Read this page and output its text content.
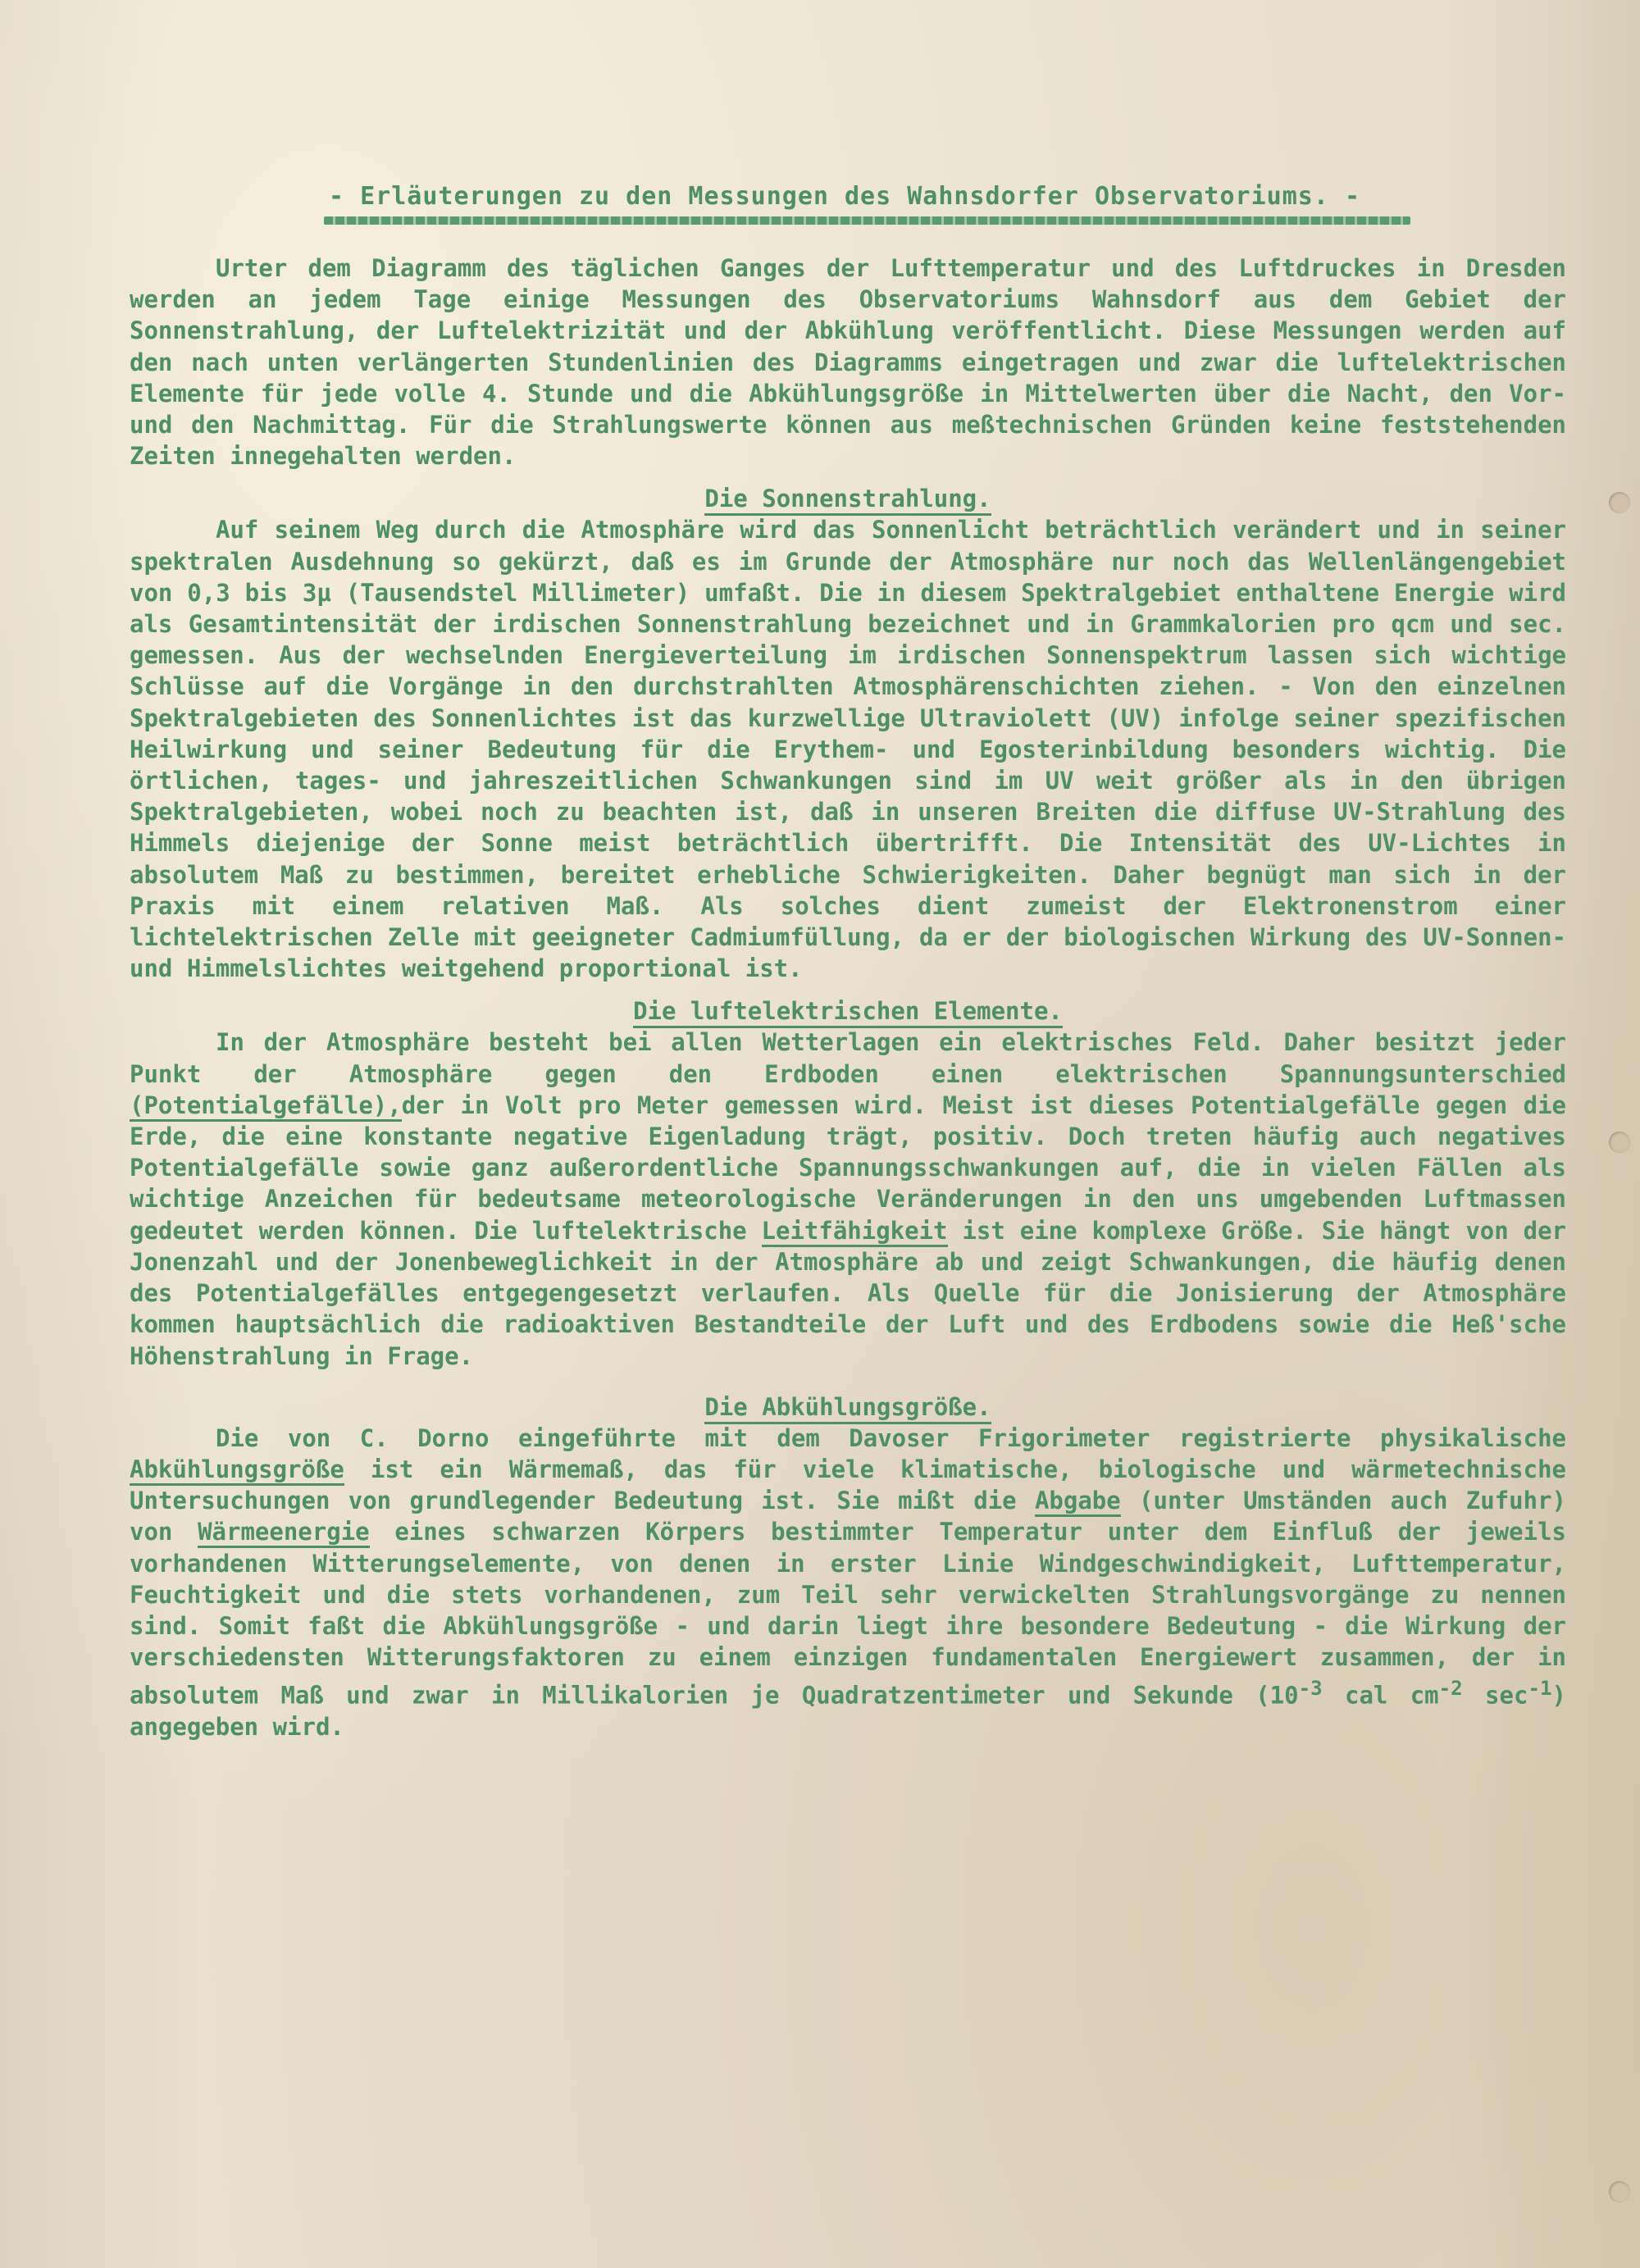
- Erläuterungen zu den Messungen des Wahnsdorfer Observatoriums. -

Urter dem Diagramm des täglichen Ganges der Lufttemperatur und des Luftdruckes in Dresden werden an jedem Tage einige Messungen des Observatoriums Wahnsdorf aus dem Gebiet der Sonnenstrahlung, der Luftelektrizität und der Abkühlung veröffentlicht. Diese Messungen werden auf den nach unten verlängerten Stundenlinien des Diagramms eingetragen und zwar die luftelektrischen Elemente für jede volle 4. Stunde und die Abkühlungsgröße in Mittelwerten über die Nacht, den Vor- und den Nachmittag. Für die Strahlungswerte können aus meßtechnischen Gründen keine feststehenden Zeiten innegehalten werden.

Die Sonnenstrahlung.

Auf seinem Weg durch die Atmosphäre wird das Sonnenlicht beträchtlich verändert und in seiner spektralen Ausdehnung so gekürzt, daß es im Grunde der Atmosphäre nur noch das Wellenlängengebiet von 0,3 bis 3μ (Tausendstel Millimeter) umfaßt. Die in diesem Spektralgebiet enthaltene Energie wird als Gesamtintensität der irdischen Sonnenstrahlung bezeichnet und in Grammkalorien pro qcm und sec. gemessen. Aus der wechselnden Energieverteilung im irdischen Sonnenspektrum lassen sich wichtige Schlüsse auf die Vorgänge in den durchstrahlten Atmosphärenschichten ziehen. - Von den einzelnen Spektralgebieten des Sonnenlichtes ist das kurzwellige Ultraviolett (UV) infolge seiner spezifischen Heilwirkung und seiner Bedeutung für die Erythem- und Egosterinbildung besonders wichtig. Die örtlichen, tages- und jahreszeitlichen Schwankungen sind im UV weit größer als in den übrigen Spektralgebieten, wobei noch zu beachten ist, daß in unseren Breiten die diffuse UV-Strahlung des Himmels diejenige der Sonne meist beträchtlich übertrifft. Die Intensität des UV-Lichtes in absolutem Maß zu bestimmen, bereitet erhebliche Schwierigkeiten. Daher begnügt man sich in der Praxis mit einem relativen Maß. Als solches dient zumeist der Elektronenstrom einer lichtelektrischen Zelle mit geeigneter Cadmiumfüllung, da er der biologischen Wirkung des UV-Sonnen- und Himmelslichtes weitgehend proportional ist.

Die luftelektrischen Elemente.

In der Atmosphäre besteht bei allen Wetterlagen ein elektrisches Feld. Daher besitzt jeder Punkt der Atmosphäre gegen den Erdboden einen elektrischen Spannungsunterschied (Potentialgefälle),der in Volt pro Meter gemessen wird. Meist ist dieses Potentialgefälle gegen die Erde, die eine konstante negative Eigenladung trägt, positiv. Doch treten häufig auch negatives Potentialgefälle sowie ganz außerordentliche Spannungsschwankungen auf, die in vielen Fällen als wichtige Anzeichen für bedeutsame meteorologische Veränderungen in den uns umgebenden Luftmassen gedeutet werden können. Die luftelektrische Leitfähigkeit ist eine komplexe Größe. Sie hängt von der Jonenzahl und der Jonenbeweglichkeit in der Atmosphäre ab und zeigt Schwankungen, die häufig denen des Potentialgefälles entgegengesetzt verlaufen. Als Quelle für die Jonisierung der Atmosphäre kommen hauptsächlich die radioaktiven Bestandteile der Luft und des Erdbodens sowie die Heß'sche Höhenstrahlung in Frage.

Die Abkühlungsgröße.

Die von C. Dorno eingeführte mit dem Davoser Frigorimeter registrierte physikalische Abkühlungsgröße ist ein Wärmemaß, das für viele klimatische, biologische und wärmetechnische Untersuchungen von grundlegender Bedeutung ist. Sie mißt die Abgabe (unter Umständen auch Zufuhr) von Wärmeenergie eines schwarzen Körpers bestimmter Temperatur unter dem Einfluß der jeweils vorhandenen Witterungselemente, von denen in erster Linie Windgeschwindigkeit, Lufttemperatur, Feuchtigkeit und die stets vorhandenen, zum Teil sehr verwickelten Strahlungsvorgänge zu nennen sind. Somit faßt die Abkühlungsgröße - und darin liegt ihre besondere Bedeutung - die Wirkung der verschiedensten Witterungsfaktoren zu einem einzigen fundamentalen Energiewert zusammen, der in absolutem Maß und zwar in Millikalorien je Quadratzentimeter und Sekunde ($10^{-3}$ cal $cm^{-2}$ $\sec^{-1}$) angegeben wird.
